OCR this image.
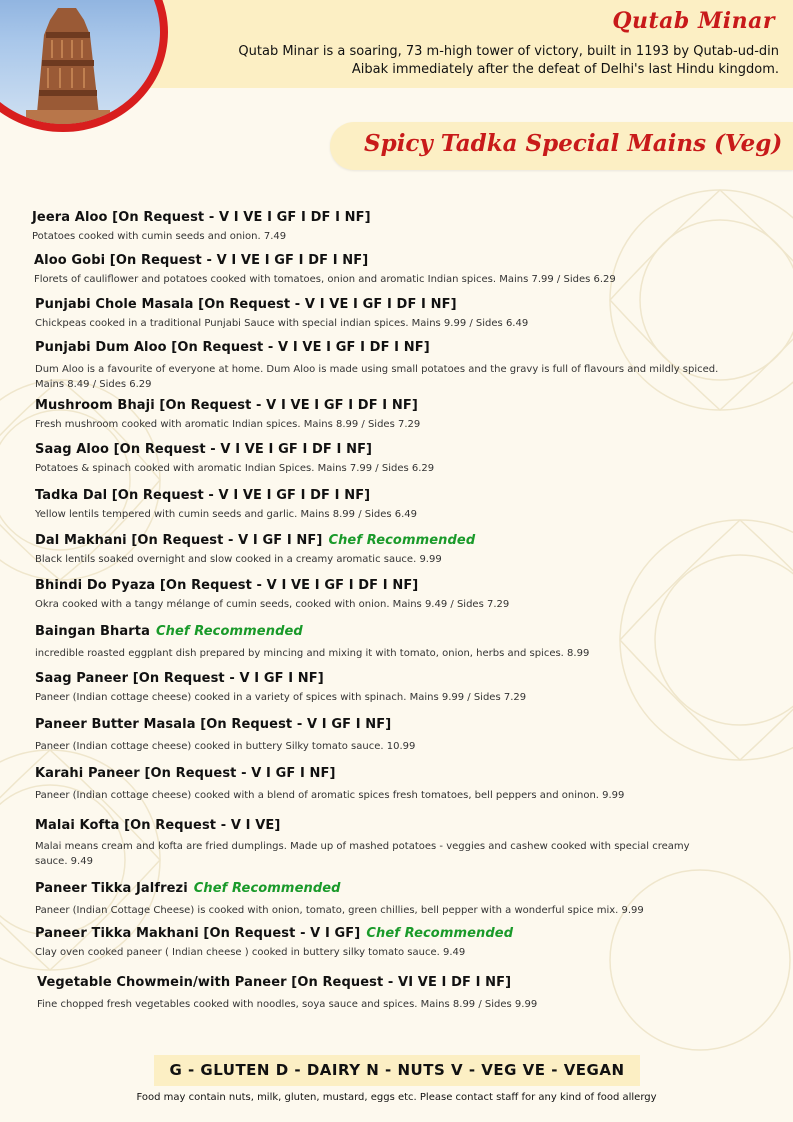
Qutab Minar
Qutab Minar is a soaring, 73 m-high tower of victory, built in 1193 by Qutab-ud-din Aibak immediately after the defeat of Delhi's last Hindu kingdom.
Spicy Tadka Special Mains (Veg)
Jeera Aloo [On Request - V I VE I GF I DF I NF]
Potatoes cooked with cumin seeds and onion. 7.49
Aloo Gobi [On Request - V I VE I GF I DF I NF]
Florets of cauliflower and potatoes cooked with tomatoes, onion and aromatic Indian spices. Mains 7.99 / Sides 6.29
Punjabi Chole Masala [On Request - V I VE I GF I DF I NF]
Chickpeas cooked in a traditional Punjabi Sauce with special indian spices. Mains 9.99 / Sides 6.49
Punjabi Dum Aloo [On Request - V I VE I GF I DF I NF]
Dum Aloo is a favourite of everyone at home. Dum Aloo is made using small potatoes and the gravy is full of flavours and mildly spiced. Mains 8.49 / Sides 6.29
Mushroom Bhaji [On Request - V I VE I GF I DF I NF]
Fresh mushroom cooked with aromatic Indian spices. Mains 8.99 / Sides 7.29
Saag Aloo [On Request - V I VE I GF I DF I NF]
Potatoes & spinach cooked with aromatic Indian Spices. Mains 7.99 / Sides 6.29
Tadka Dal [On Request - V I VE I GF I DF I NF]
Yellow lentils tempered with cumin seeds and garlic. Mains 8.99 / Sides 6.49
Dal Makhani [On Request - V I GF I NF] Chef Recommended
Black lentils soaked overnight and slow cooked in a creamy aromatic sauce. 9.99
Bhindi Do Pyaza [On Request - V I VE I GF I DF I NF]
Okra cooked with a tangy mélange of cumin seeds, cooked with onion. Mains 9.49 / Sides 7.29
Baingan Bharta Chef Recommended
incredible roasted eggplant dish prepared by mincing and mixing it with tomato, onion, herbs and spices. 8.99
Saag Paneer [On Request - V I GF I NF]
Paneer (Indian cottage cheese) cooked in a variety of spices with spinach. Mains 9.99 / Sides 7.29
Paneer Butter Masala [On Request - V I GF I NF]
Paneer (Indian cottage cheese) cooked in buttery Silky tomato sauce. 10.99
Karahi Paneer [On Request - V I GF I NF]
Paneer (Indian cottage cheese) cooked with a blend of aromatic spices fresh tomatoes, bell peppers and oninon. 9.99
Malai Kofta [On Request - V I VE]
Malai means cream and kofta are fried dumplings. Made up of mashed potatoes - veggies and cashew cooked with special creamy sauce. 9.49
Paneer Tikka Jalfrezi Chef Recommended
Paneer (Indian Cottage Cheese) is cooked with onion, tomato, green chillies, bell pepper with a wonderful spice mix. 9.99
Paneer Tikka Makhani [On Request - V I GF] Chef Recommended
Clay oven cooked paneer ( Indian cheese ) cooked in buttery silky tomato sauce. 9.49
Vegetable Chowmein/with Paneer [On Request - VI VE I DF I NF]
Fine chopped fresh vegetables cooked with noodles, soya sauce and spices. Mains 8.99 / Sides 9.99
G - GLUTEN D - DAIRY N - NUTS V - VEG VE - VEGAN
Food may contain nuts, milk, gluten, mustard, eggs etc. Please contact staff for any kind of food allergy
